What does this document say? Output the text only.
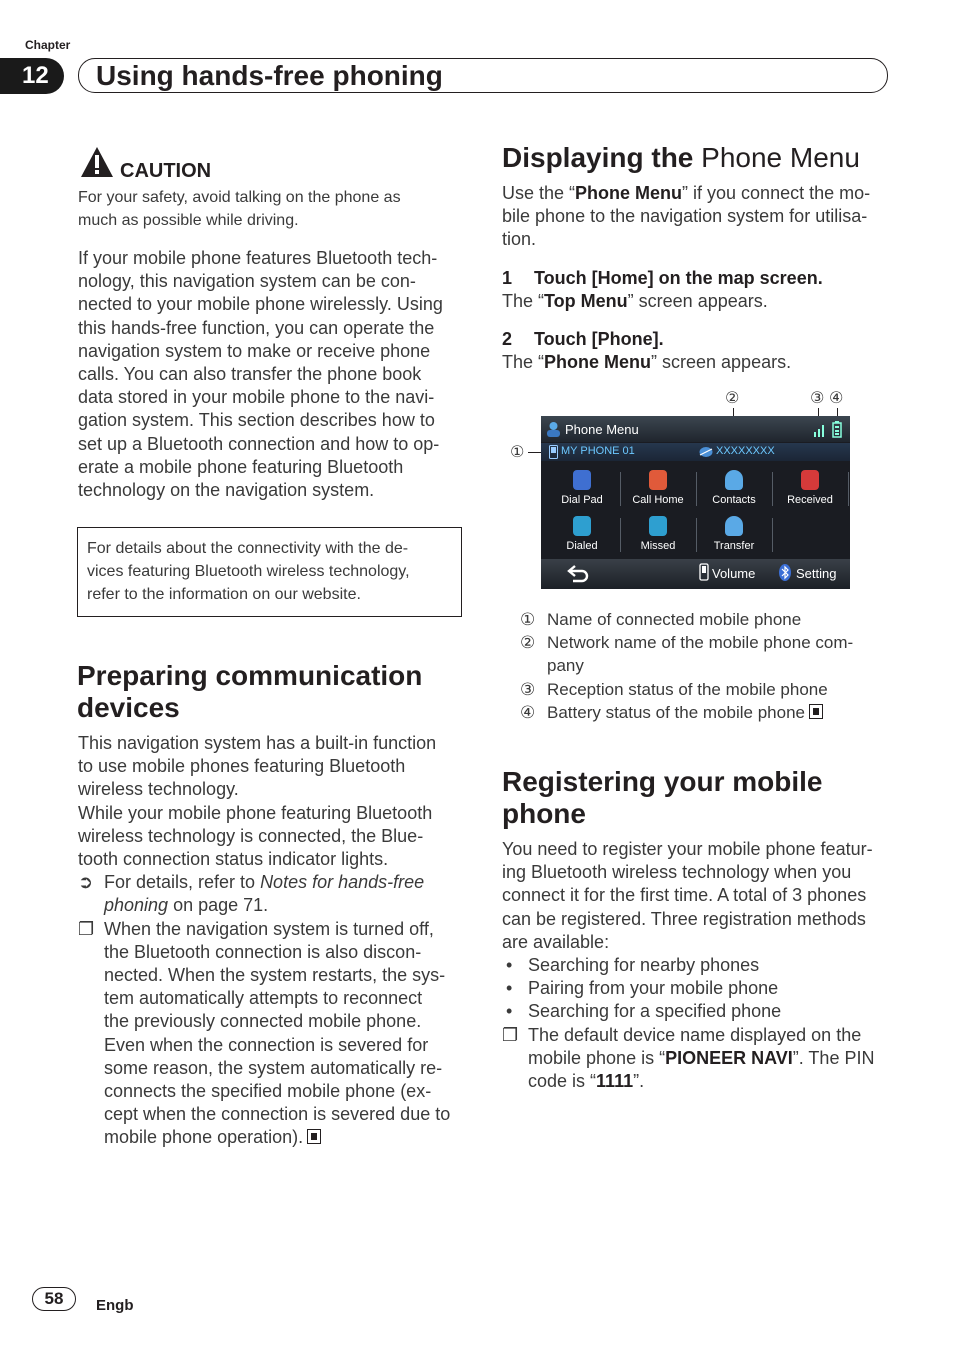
Chapter
12	Using hands-free phoning
CAUTION
For your safety, avoid talking on the phone as
much as possible while driving.
If your mobile phone features Bluetooth tech-
nology, this navigation system can be con-
nected to your mobile phone wirelessly. Using
this hands-free function, you can operate the
navigation system to make or receive phone
calls. You can also transfer the phone book
data stored in your mobile phone to the navi-
gation system. This section describes how to
set up a Bluetooth connection and how to op-
erate a mobile phone featuring Bluetooth
technology on the navigation system.
For details about the connectivity with the de-
vices featuring Bluetooth wireless technology,
refer to the information on our website.
Preparing communication
devices
This navigation system has a built-in function
to use mobile phones featuring Bluetooth
wireless technology.
While your mobile phone featuring Bluetooth
wireless technology is connected, the Blue-
tooth connection status indicator lights.
➲ For details, refer to Notes for hands-free
phoning on page 71.
❐ When the navigation system is turned off,
the Bluetooth connection is also discon-
nected. When the system restarts, the sys-
tem automatically attempts to reconnect
the previously connected mobile phone.
Even when the connection is severed for
some reason, the system automatically re-
connects the specified mobile phone (ex-
cept when the connection is severed due to
mobile phone operation).
Displaying the Phone Menu
Use the “Phone Menu” if you connect the mo-
bile phone to the navigation system for utilisa-
tion.
1 Touch [Home] on the map screen.
The “Top Menu” screen appears.
2 Touch [Phone].
The “Phone Menu” screen appears.
②	③ ④
①
Phone Menu
MY PHONE 01	XXXXXXXX
Dial Pad	Call Home	Contacts	Received
Dialed	Missed	Transfer
Volume	Setting
① Name of connected mobile phone
② Network name of the mobile phone com-
pany
③ Reception status of the mobile phone
④ Battery status of the mobile phone
Registering your mobile
phone
You need to register your mobile phone featur-
ing Bluetooth wireless technology when you
connect it for the first time. A total of 3 phones
can be registered. Three registration methods
are available:
• Searching for nearby phones
• Pairing from your mobile phone
• Searching for a specified phone
❐ The default device name displayed on the
mobile phone is “PIONEER NAVI”. The PIN
code is “1111”.
58	Engb
